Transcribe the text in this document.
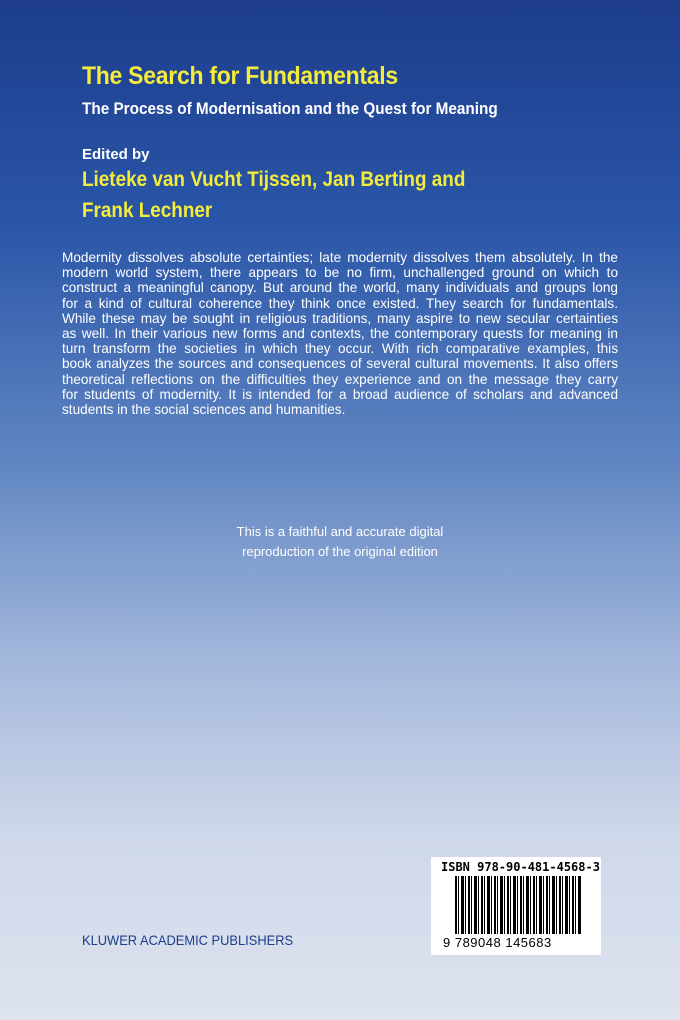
The Search for Fundamentals
The Process of Modernisation and the Quest for Meaning
Edited by
Lieteke van Vucht Tijssen, Jan Berting and
Frank Lechner
Modernity dissolves absolute certainties; late modernity dissolves them absolutely. In the
modern world system, there appears to be no firm, unchallenged ground on which to
construct a meaningful canopy. But around the world, many individuals and groups long
for a kind of cultural coherence they think once existed. They search for fundamentals.
While these may be sought in religious traditions, many aspire to new secular certainties
as well. In their various new forms and contexts, the contemporary quests for meaning in
turn transform the societies in which they occur. With rich comparative examples, this
book analyzes the sources and consequences of several cultural movements. It also offers
theoretical reflections on the difficulties they experience and on the message they carry
for students of modernity. It is intended for a broad audience of scholars and advanced
students in the social sciences and humanities.
This is a faithful and accurate digital
reproduction of the original edition
ISBN 978-90-481-4568-3
9 789048 145683
KLUWER ACADEMIC PUBLISHERS
